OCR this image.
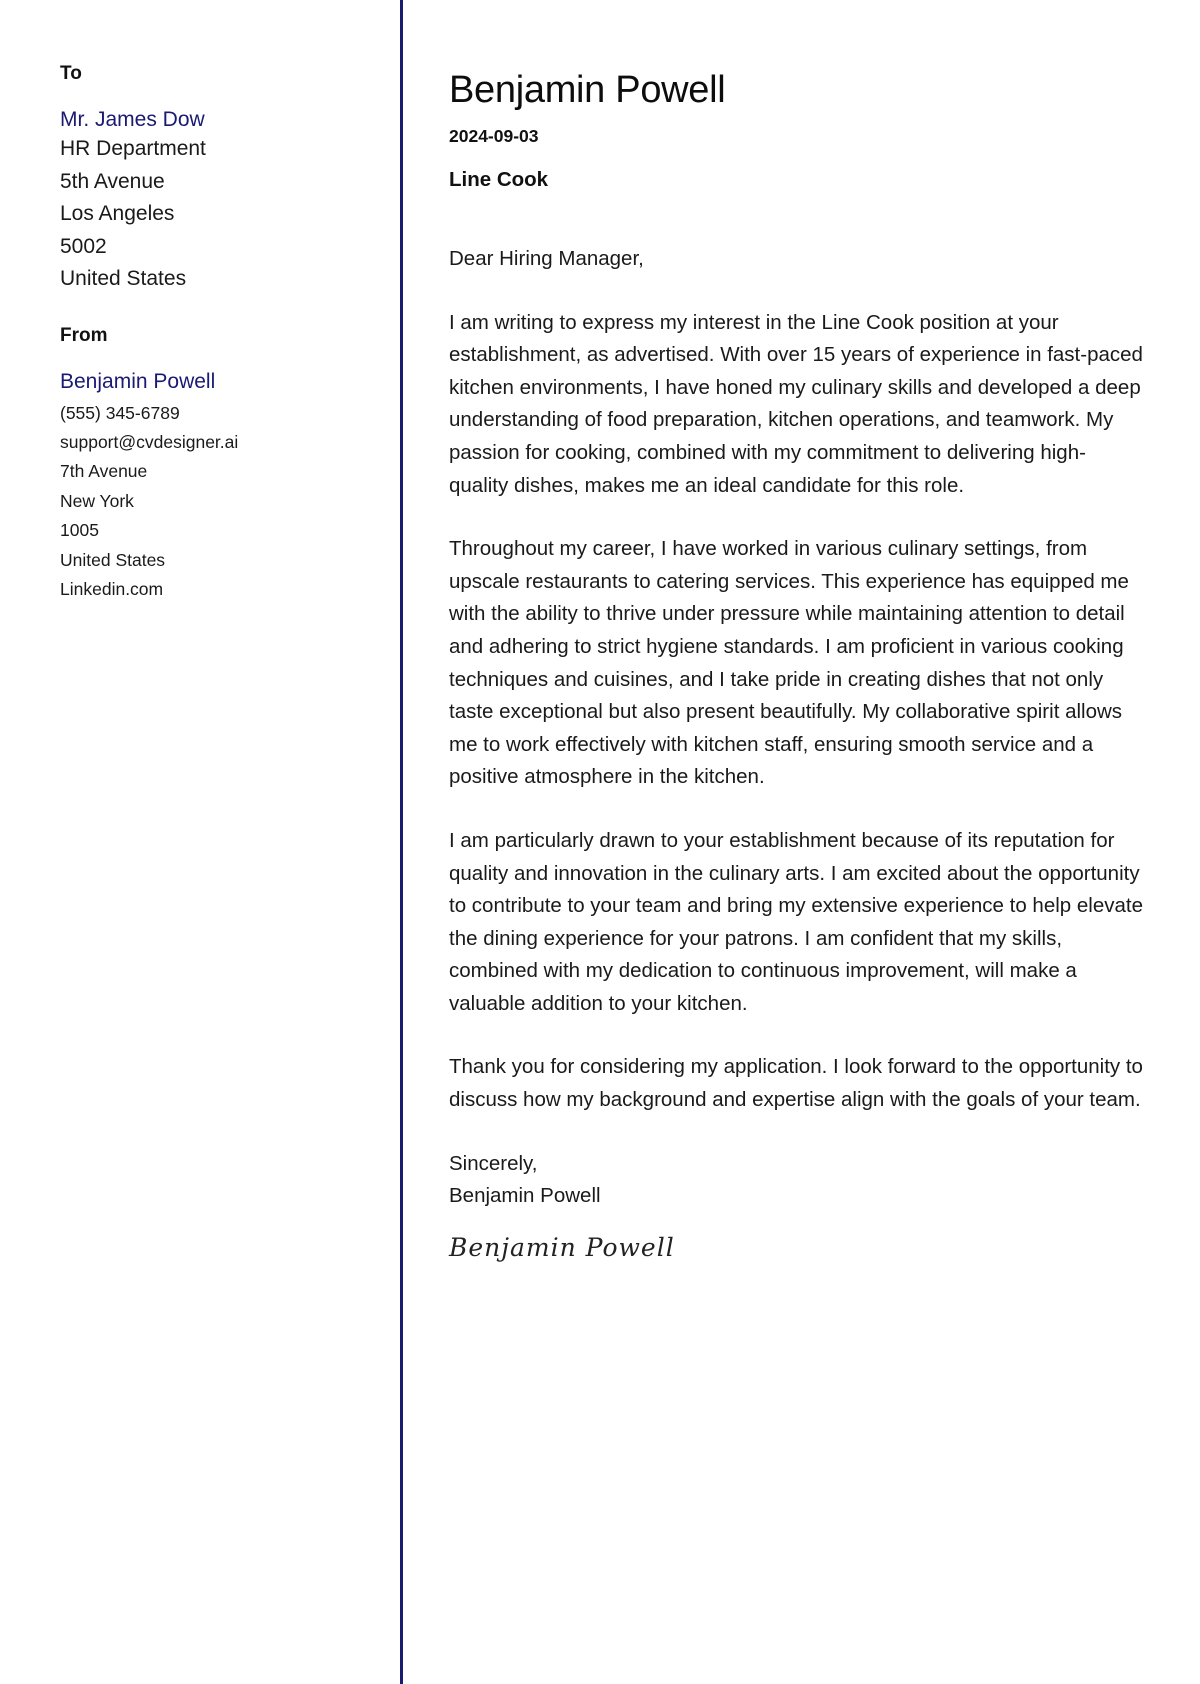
To
Mr. James Dow
HR Department
5th Avenue
Los Angeles
5002
United States
From
Benjamin Powell
(555) 345-6789
support@cvdesigner.ai
7th Avenue
New York
1005
United States
Linkedin.com
Benjamin Powell
2024-09-03
Line Cook

Dear Hiring Manager,

I am writing to express my interest in the Line Cook position at your establishment, as advertised. With over 15 years of experience in fast-paced kitchen environments, I have honed my culinary skills and developed a deep understanding of food preparation, kitchen operations, and teamwork. My passion for cooking, combined with my commitment to delivering high-quality dishes, makes me an ideal candidate for this role.

Throughout my career, I have worked in various culinary settings, from upscale restaurants to catering services. This experience has equipped me with the ability to thrive under pressure while maintaining attention to detail and adhering to strict hygiene standards. I am proficient in various cooking techniques and cuisines, and I take pride in creating dishes that not only taste exceptional but also present beautifully. My collaborative spirit allows me to work effectively with kitchen staff, ensuring smooth service and a positive atmosphere in the kitchen.

I am particularly drawn to your establishment because of its reputation for quality and innovation in the culinary arts. I am excited about the opportunity to contribute to your team and bring my extensive experience to help elevate the dining experience for your patrons. I am confident that my skills, combined with my dedication to continuous improvement, will make a valuable addition to your kitchen.

Thank you for considering my application. I look forward to the opportunity to discuss how my background and expertise align with the goals of your team.

Sincerely,
Benjamin Powell
Benjamin Powell
